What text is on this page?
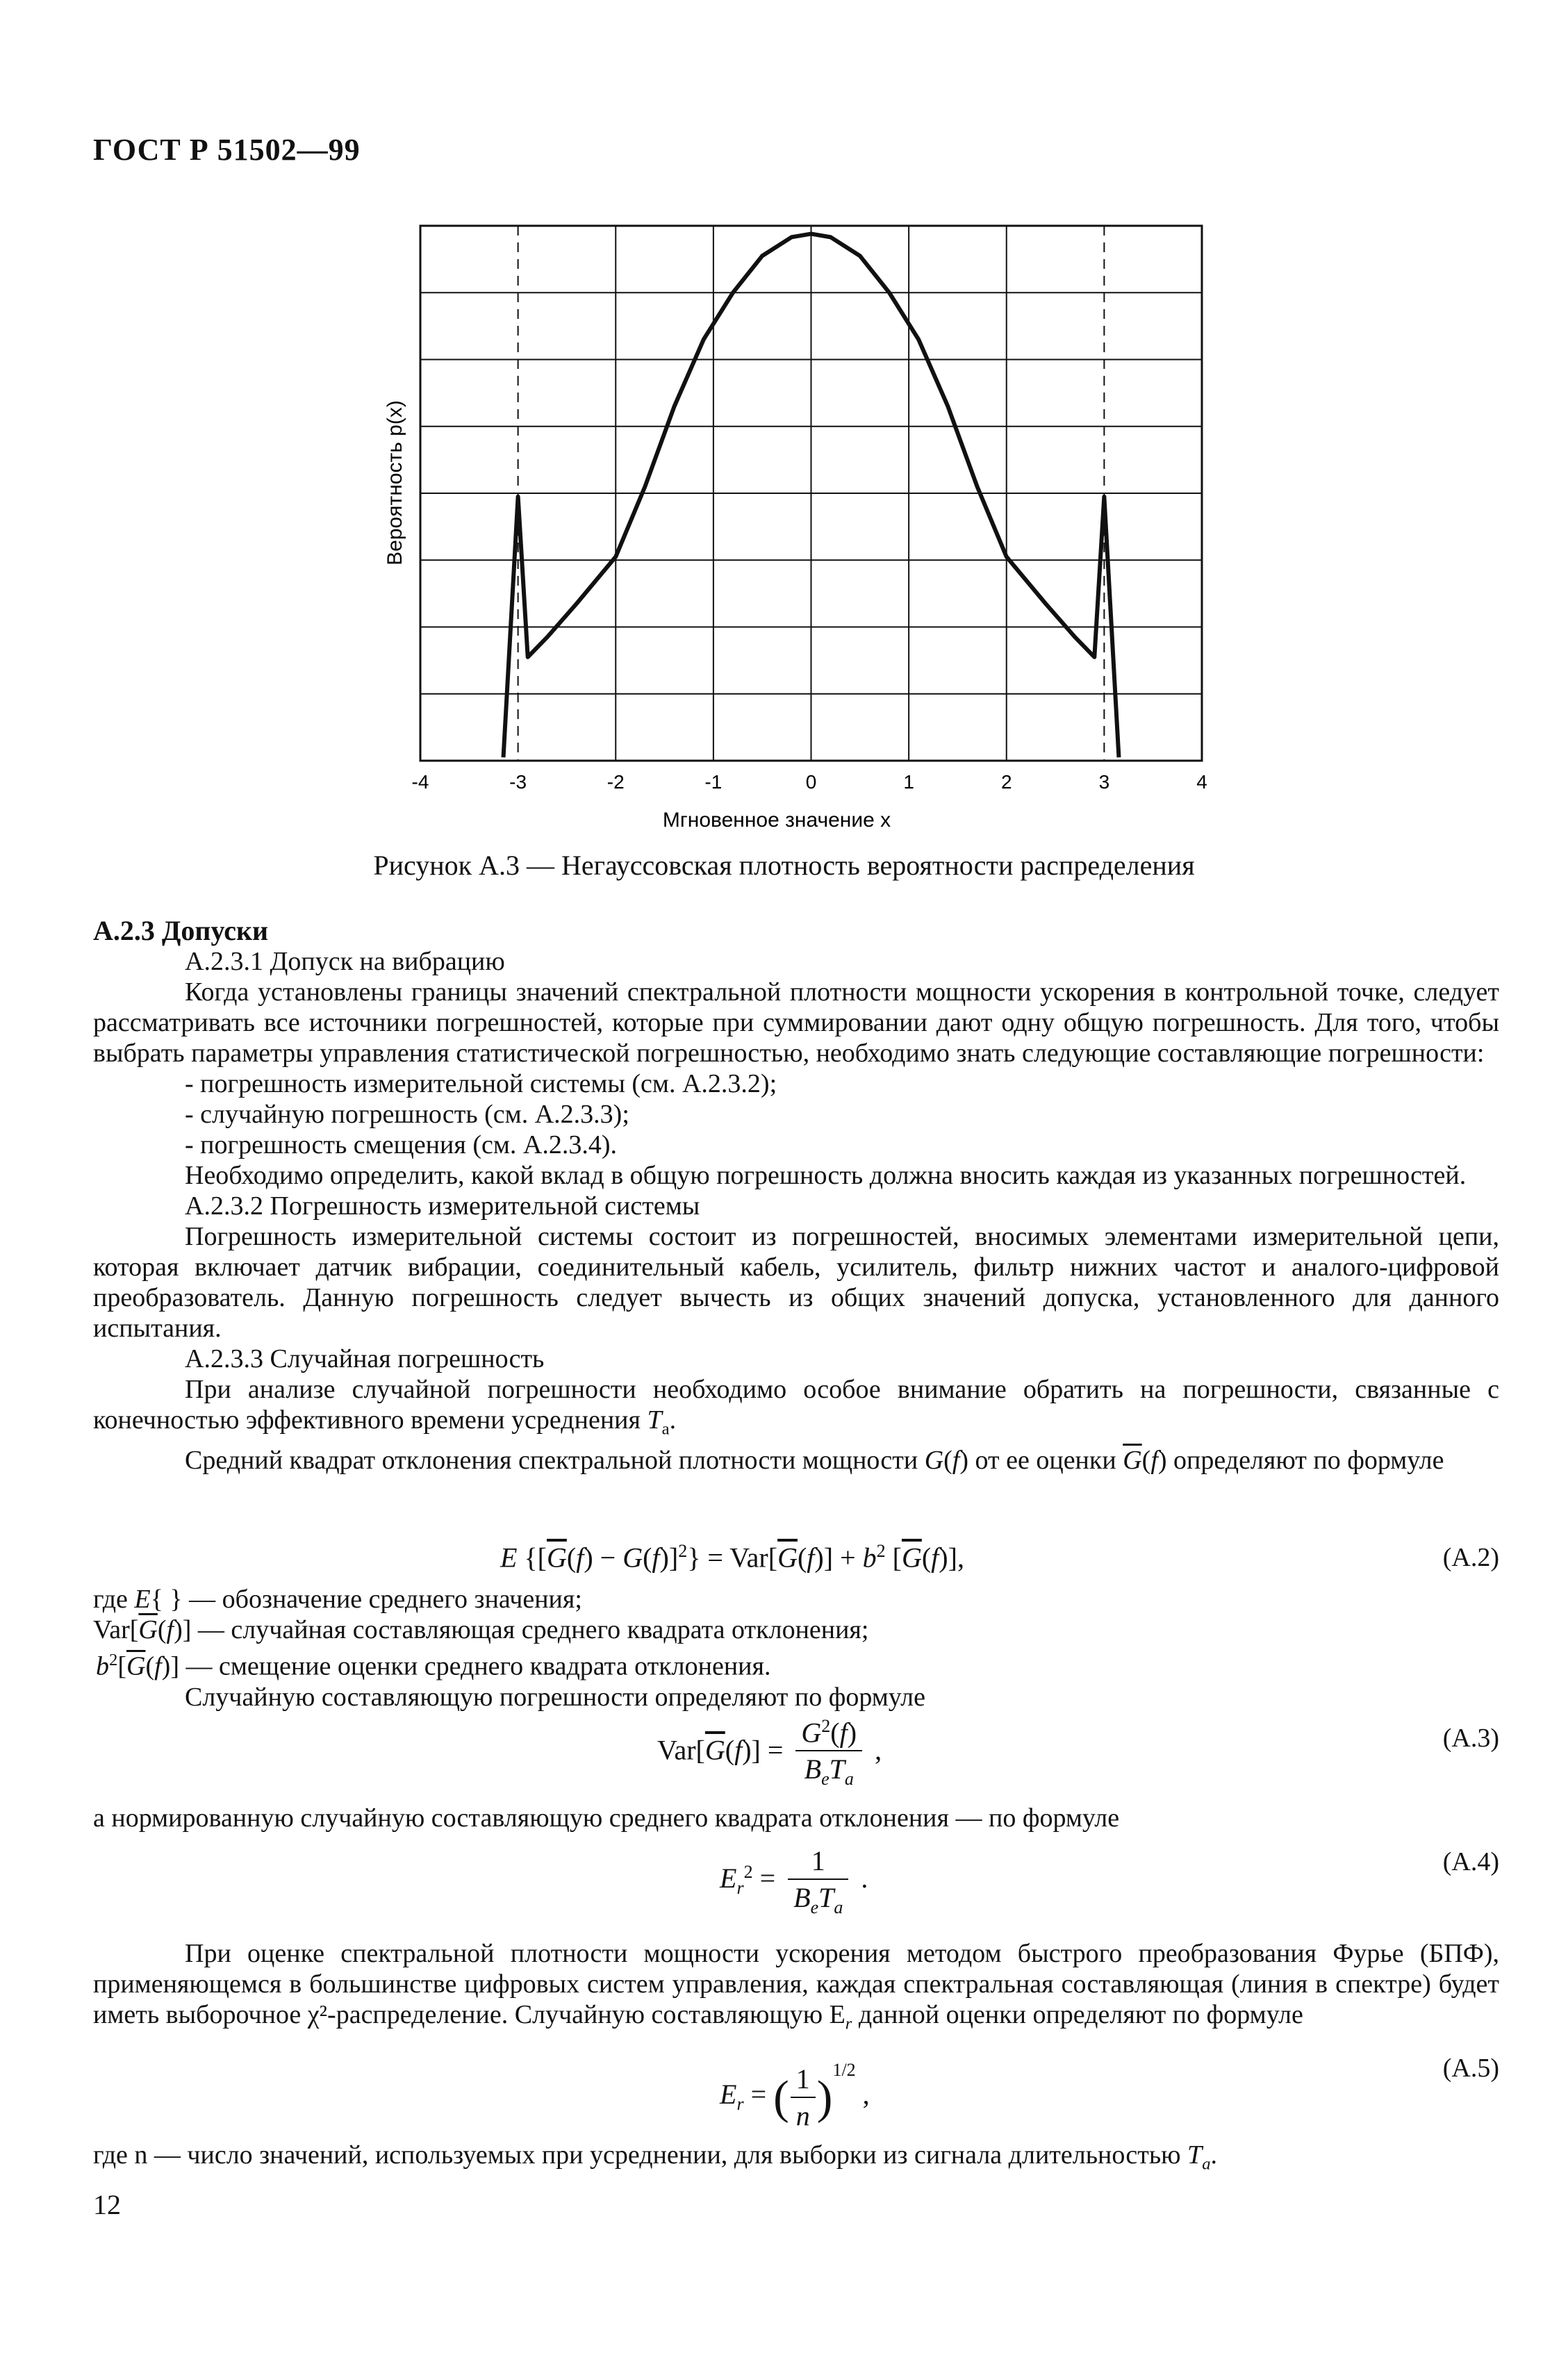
ГОСТ Р 51502—99
-4	-3	-2	-1	0	1	2	3	4
Мгновенное значение x
Вероятность p(x)
Рисунок А.3 — Негауссовская плотность вероятности распределения

А.2.3 Допуски

А.2.3.1 Допуск на вибрацию

Когда установлены границы значений спектральной плотности мощности ускорения в контрольной точке, следует рассматривать все источники погрешностей, которые при суммировании дают одну общую погрешность. Для того, чтобы выбрать параметры управления статистической погрешностью, необходимо знать следующие составляющие погрешности:

- погрешность измерительной системы (см. А.2.3.2);

- случайную погрешность (см. А.2.3.3);

- погрешность смещения (см. А.2.3.4).

Необходимо определить, какой вклад в общую погрешность должна вносить каждая из указанных погрешностей.

А.2.3.2 Погрешность измерительной системы

Погрешность измерительной системы состоит из погрешностей, вносимых элементами измерительной цепи, которая включает датчик вибрации, соединительный кабель, усилитель, фильтр нижних частот и аналого-цифровой преобразователь. Данную погрешность следует вычесть из общих значений допуска, установленного для данного испытания.

А.2.3.3 Случайная погрешность

При анализе случайной погрешности необходимо особое внимание обратить на погрешности, связанные с конечностью эффективного времени усреднения $T_a$.

Средний квадрат отклонения спектральной плотности мощности G(f) от ее оценки $\overline{G}(f)$ определяют по формуле

E $\{[\overline{G}(f) - G(f)]^2\} = Var[\overline{G}(f)] + b^2$ $[\overline{G}(f)]$,	(А.2)

где E{ } — обозначение среднего значения;

$Var[\overline{G}(f)]$ — случайная составляющая среднего квадрата отклонения;

$b^2[\overline{G}(f)]$ — смещение оценки среднего квадрата отклонения.

Случайную составляющую погрешности определяют по формуле

$Var[\overline{G}(f)] = \frac{G^2(f)}{B_eT_a}$ ,	(А.3)

а нормированную случайную составляющую среднего квадрата отклонения — по формуле

$E_r^2 = \frac{1}{B_eT_a}$ .
(А.4)

При оценке спектральной плотности мощности ускорения методом быстрого преобразования Фурье (БПФ), применяющемся в большинстве цифровых систем управления, каждая спектральная составляющая (линия в спектре) будет иметь выборочное χ²-распределение. Случайную составляющую $E_r$ данной оценки определяют по формуле

$E_r$ = ( $\frac{1}{n} )^{1/2}$ ,
(А.5)

где n — число значений, используемых при усреднении, для выборки из сигнала длительностью $T_a$.

12
